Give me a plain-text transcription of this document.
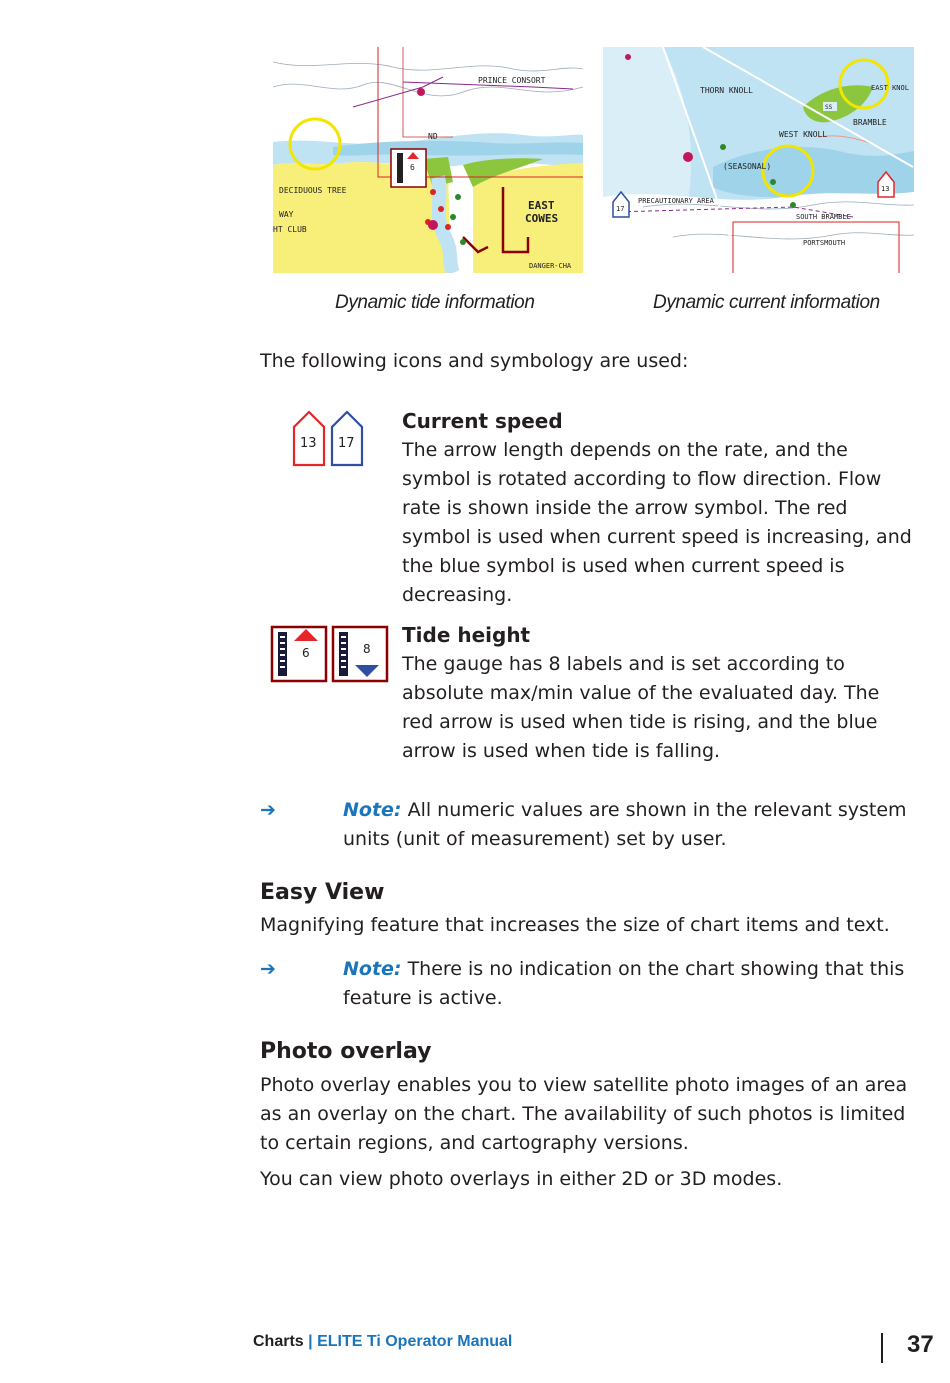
6
PRINCE CONSORT
DECIDUOUS TREE
WAY
HT CLUB
EAST
COWES
DANGER-CHA
ND
17
13
THORN KNOLL	EAST KNOL
BRAMBLE
WEST KNOLL
(SEASONAL)
PRECAUTIONARY AREA
SOUTH BRAMBLE
PORTSMOUTH
SS
Dynamic tide information	Dynamic current information
The following icons and symbology are used:
13 17
Current speed
The arrow length depends on the rate, and the symbol is rotated according to flow direction. Flow rate is shown inside the arrow symbol. The red symbol is used when current speed is increasing, and the blue symbol is used when current speed is decreasing.
6	8
Tide height
The gauge has 8 labels and is set according to absolute max/min value of the evaluated day. The red arrow is used when tide is rising, and the blue arrow is used when tide is falling.
➔	Note: All numeric values are shown in the relevant system units (unit of measurement) set by user.
Easy View
Magnifying feature that increases the size of chart items and text.
➔	Note: There is no indication on the chart showing that this feature is active.
Photo overlay
Photo overlay enables you to view satellite photo images of an area as an overlay on the chart. The availability of such photos is limited to certain regions, and cartography versions.
You can view photo overlays in either 2D or 3D modes.
Charts | ELITE Ti Operator Manual	37
